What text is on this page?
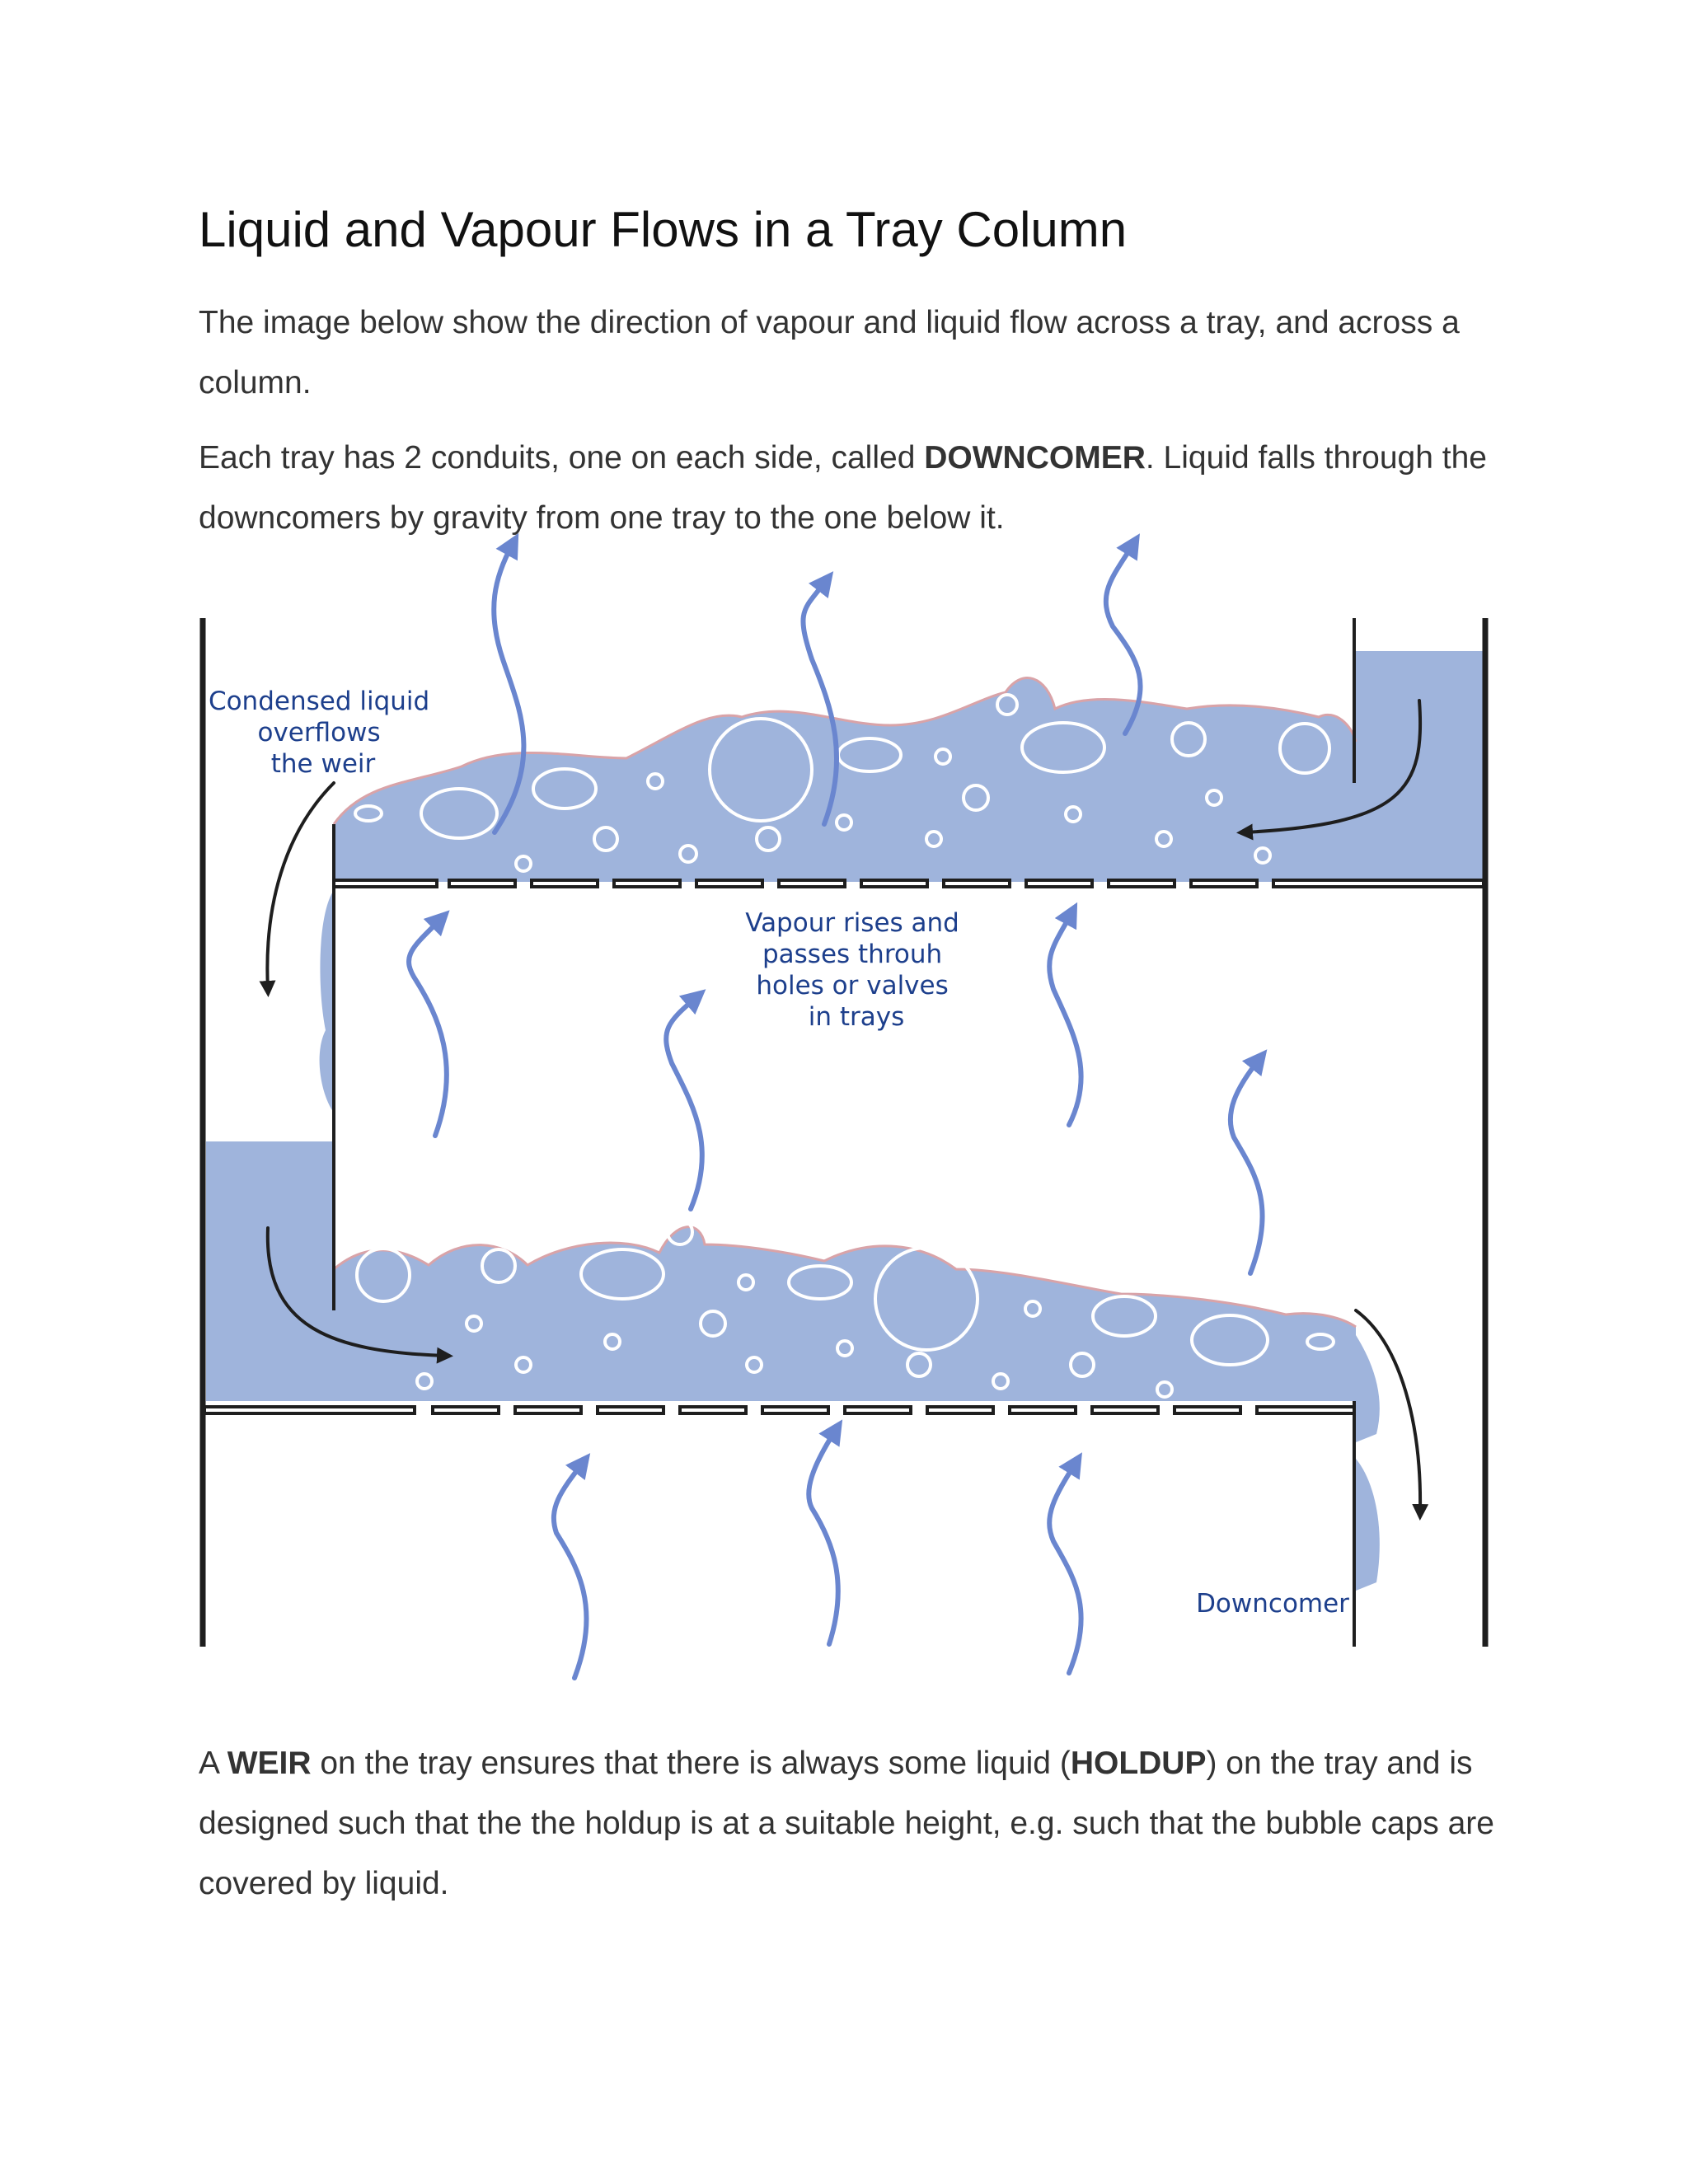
Liquid and Vapour Flows in a Tray Column

The image below show the direction of vapour and liquid flow across a tray, and across a column.

Each tray has 2 conduits, one on each side, called DOWNCOMER. Liquid falls through the downcomers by gravity from one tray to the one below it.

Condensed liquid overflows the weir
Vapour rises and passes throuh holes or valves in trays
Downcomer

A WEIR on the tray ensures that there is always some liquid (HOLDUP) on the tray and is designed such that the the holdup is at a suitable height, e.g. such that the bubble caps are covered by liquid.
